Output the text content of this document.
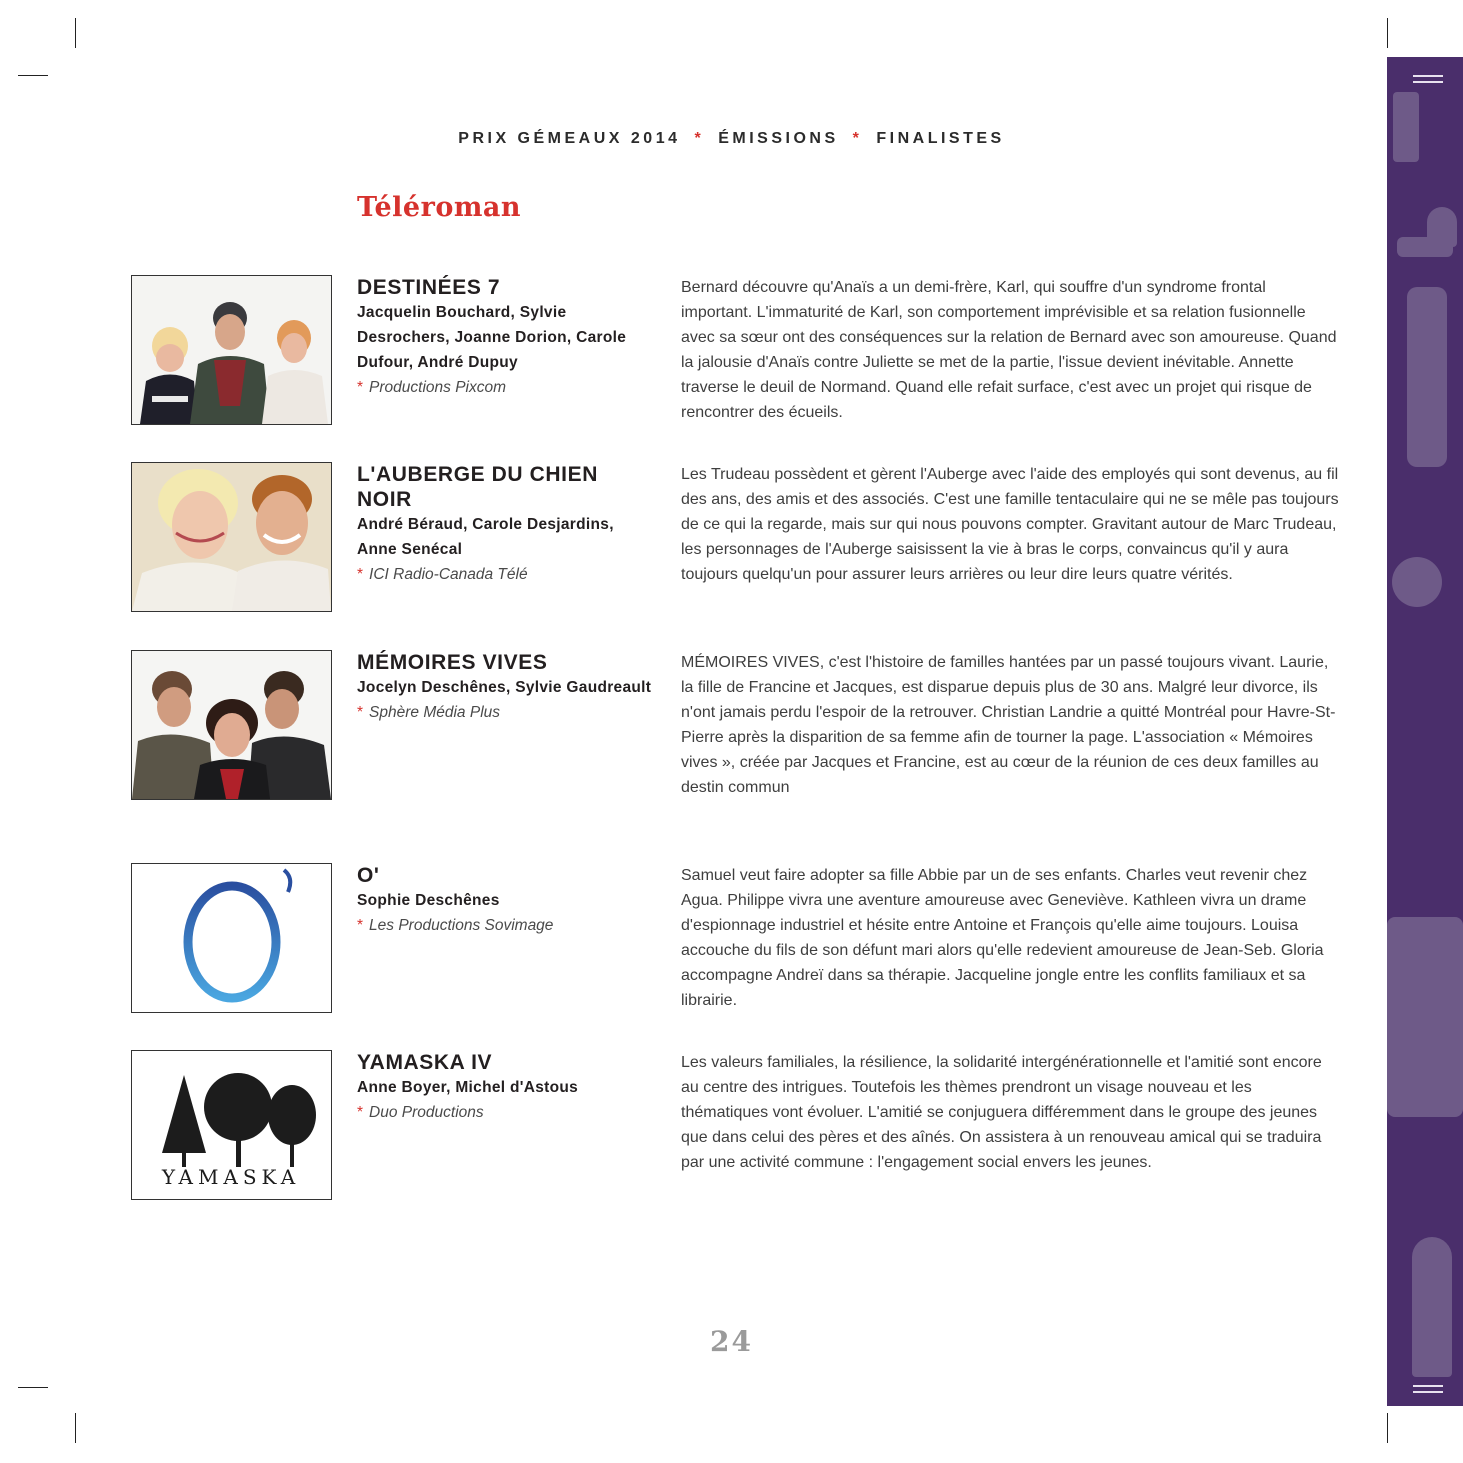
PRIX GÉMEAUX 2014 * ÉMISSIONS * FINALISTES
Téléroman
DESTINÉES 7
Jacquelin Bouchard, Sylvie Desrochers, Joanne Dorion, Carole Dufour, André Dupuy
* Productions Pixcom
Bernard découvre qu'Anaïs a un demi-frère, Karl, qui souffre d'un syndrome frontal important. L'immaturité de Karl, son comportement imprévisible et sa relation fusionnelle avec sa sœur ont des conséquences sur la relation de Bernard avec son amoureuse. Quand la jalousie d'Anaïs contre Juliette se met de la partie, l'issue devient inévitable. Annette traverse le deuil de Normand. Quand elle refait surface, c'est avec un projet qui risque de rencontrer des écueils.
L'AUBERGE DU CHIEN NOIR
André Béraud, Carole Desjardins, Anne Senécal
* ICI Radio-Canada Télé
Les Trudeau possèdent et gèrent l'Auberge avec l'aide des employés qui sont devenus, au fil des ans, des amis et des associés. C'est une famille tentaculaire qui ne se mêle pas toujours de ce qui la regarde, mais sur qui nous pouvons compter. Gravitant autour de Marc Trudeau, les personnages de l'Auberge saisissent la vie à bras le corps, convaincus qu'il y aura toujours quelqu'un pour assurer leurs arrières ou leur dire leurs quatre vérités.
MÉMOIRES VIVES
Jocelyn Deschênes, Sylvie Gaudreault
* Sphère Média Plus
MÉMOIRES VIVES, c'est l'histoire de familles hantées par un passé toujours vivant. Laurie, la fille de Francine et Jacques, est disparue depuis plus de 30 ans. Malgré leur divorce, ils n'ont jamais perdu l'espoir de la retrouver. Christian Landrie a quitté Montréal pour Havre-St-Pierre après la disparition de sa femme afin de tourner la page. L'association « Mémoires vives », créée par Jacques et Francine, est au cœur de la réunion de ces deux familles au destin commun
O'
Sophie Deschênes
* Les Productions Sovimage
Samuel veut faire adopter sa fille Abbie par un de ses enfants. Charles veut revenir chez Agua. Philippe vivra une aventure amoureuse avec Geneviève. Kathleen vivra un drame d'espionnage industriel et hésite entre Antoine et François qu'elle aime toujours. Louisa accouche du fils de son défunt mari alors qu'elle redevient amoureuse de Jean-Seb. Gloria accompagne Andreï dans sa thérapie. Jacqueline jongle entre les conflits familiaux et sa librairie.
YAMASKA
YAMASKA IV
Anne Boyer, Michel d'Astous
* Duo Productions
Les valeurs familiales, la résilience, la solidarité intergénérationnelle et l'amitié sont encore au centre des intrigues. Toutefois les thèmes prendront un visage nouveau et les thématiques vont évoluer. L'amitié se conjuguera différemment dans le groupe des jeunes que dans celui des pères et des aînés. On assistera à un renouveau amical qui se traduira par une activité commune : l'engagement social envers les jeunes.
24
